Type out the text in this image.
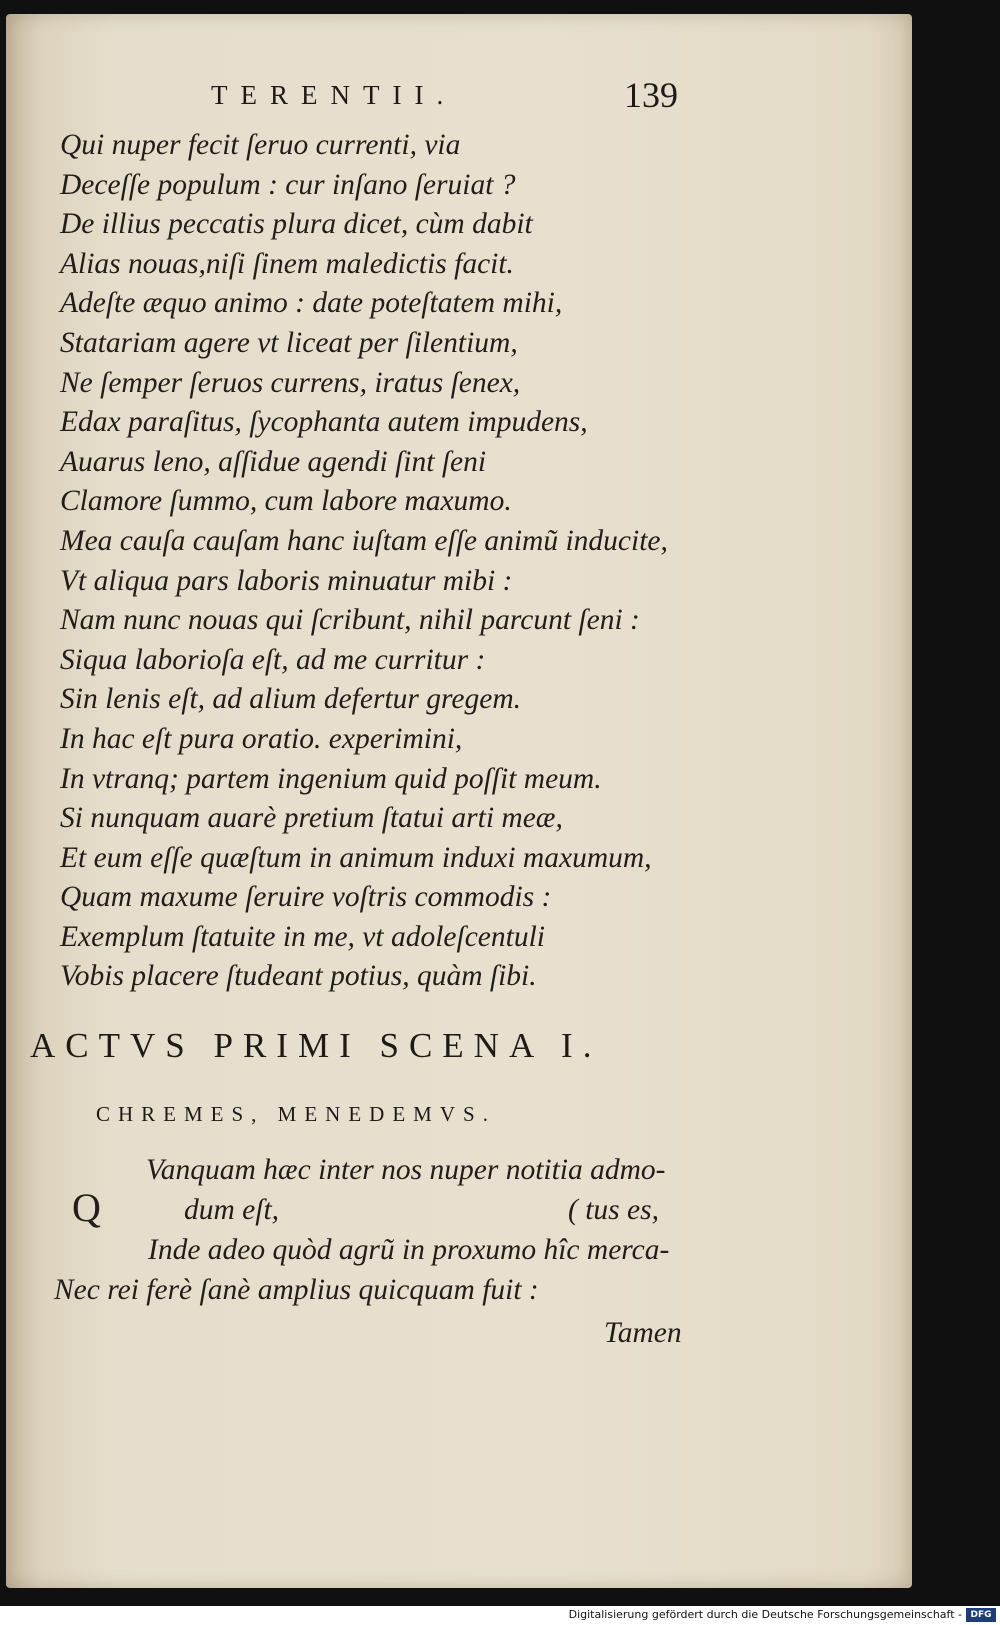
TERENTII.	139
Qui nuper fecit ſeruo currenti, via
Deceſſe populum : cur inſano ſeruiat ?
De illius peccatis plura dicet, cùm dabit
Alias nouas,niſi ſinem maledictis facit.
Adeſte æquo animo : date poteſtatem mihi,
Statariam agere vt liceat per ſilentium,
Ne ſemper ſeruos currens, iratus ſenex,
Edax paraſitus, ſycophanta autem impudens,
Auarus leno, aſſidue agendi ſint ſeni
Clamore ſummo, cum labore maxumo.
Mea cauſa cauſam hanc iuſtam eſſe animũ inducite,
Vt aliqua pars laboris minuatur mibi :
Nam nunc nouas qui ſcribunt, nihil parcunt ſeni :
Siqua laborioſa eſt, ad me curritur :
Sin lenis eſt, ad alium defertur gregem.
In hac eſt pura oratio. experimini,
In vtranq; partem ingenium quid poſſit meum.
Si nunquam auarè pretium ſtatui arti meæ,
Et eum eſſe quæſtum in animum induxi maxumum,
Quam maxume ſeruire voſtris commodis :
Exemplum ſtatuite in me, vt adoleſcentuli
Vobis placere ſtudeant potius, quàm ſibi.
ACTVS PRIMI SCENA I.
CHREMES, MENEDEMVS.
Q
Vanquam hæc inter nos nuper notitia admo-
dum eſt,	( tus es,
Inde adeo quòd agrũ in proxumo hîc merca-
Nec rei ferè ſanè amplius quicquam fuit :
Tamen
Digitalisierung gefördert durch die Deutsche Forschungsgemeinschaft - DFG
